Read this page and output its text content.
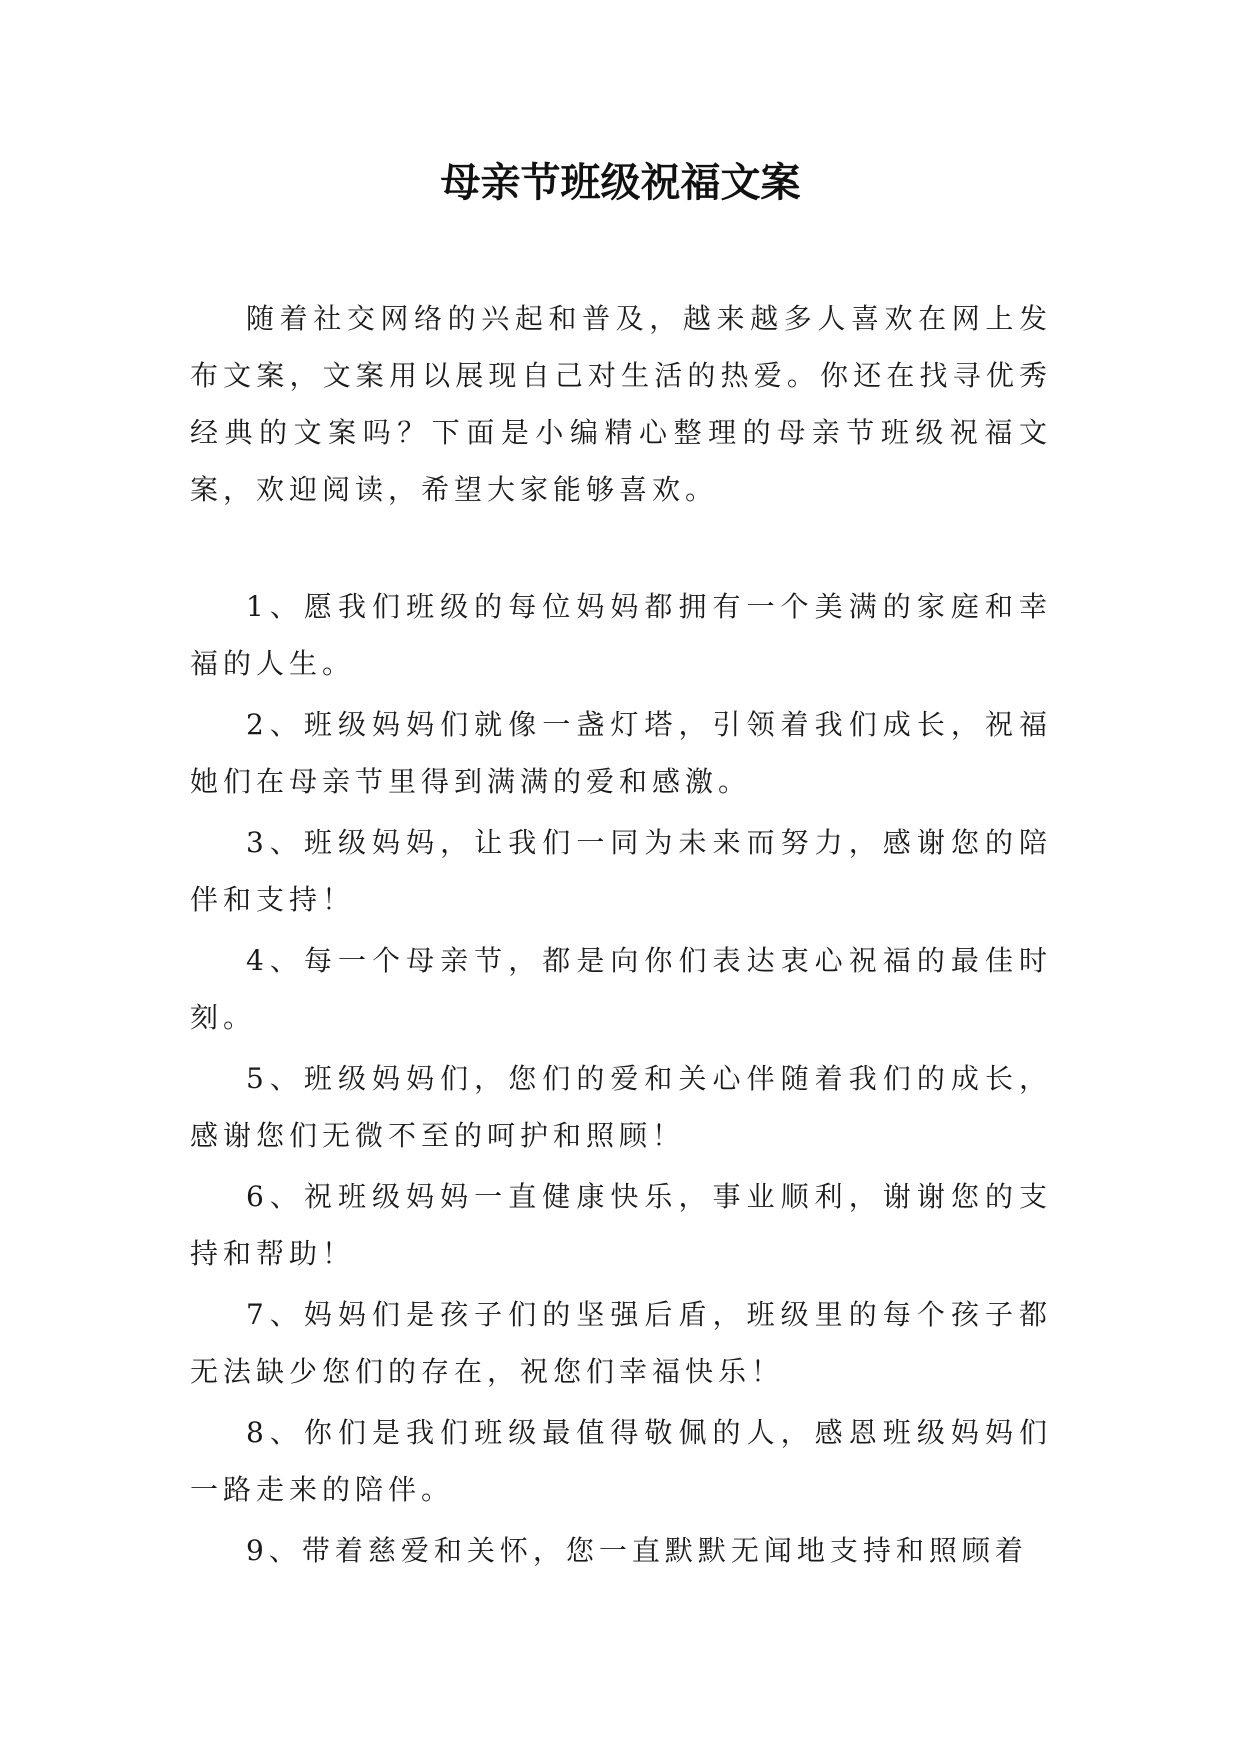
母亲节班级祝福文案

随着社交网络的兴起和普及，越来越多人喜欢在网上发布文案，文案用以展现自己对生活的热爱。你还在找寻优秀经典的文案吗？下面是小编精心整理的母亲节班级祝福文案，欢迎阅读，希望大家能够喜欢。

1、愿我们班级的每位妈妈都拥有一个美满的家庭和幸福的人生。

2、班级妈妈们就像一盏灯塔，引领着我们成长，祝福她们在母亲节里得到满满的爱和感激。

3、班级妈妈，让我们一同为未来而努力，感谢您的陪伴和支持！

4、每一个母亲节，都是向你们表达衷心祝福的最佳时刻。

5、班级妈妈们，您们的爱和关心伴随着我们的成长，感谢您们无微不至的呵护和照顾！

6、祝班级妈妈一直健康快乐，事业顺利，谢谢您的支持和帮助！

7、妈妈们是孩子们的坚强后盾，班级里的每个孩子都无法缺少您们的存在，祝您们幸福快乐！

8、你们是我们班级最值得敬佩的人，感恩班级妈妈们一路走来的陪伴。

9、带着慈爱和关怀，您一直默默无闻地支持和照顾着
